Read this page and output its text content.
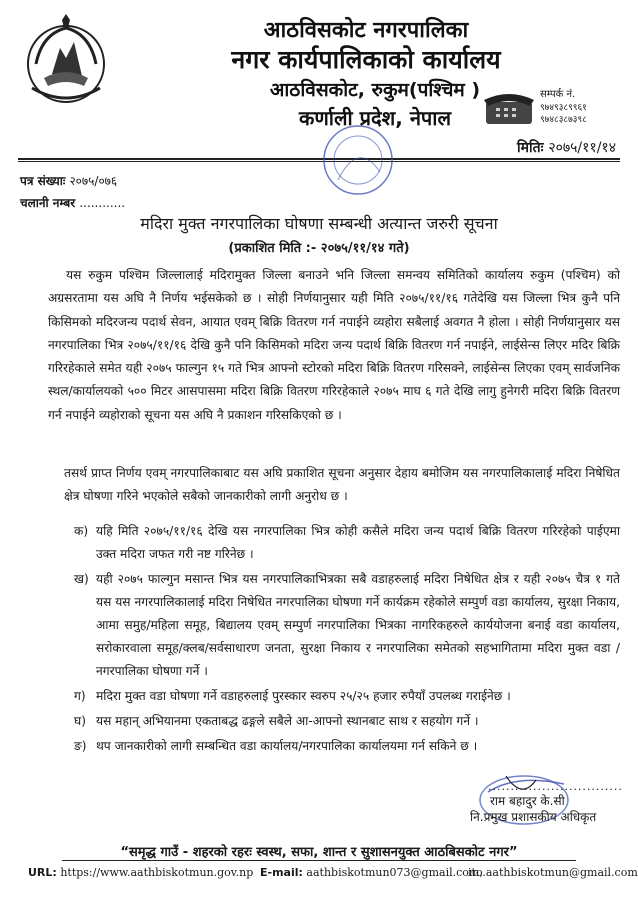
आठविसकोट नगरपालिका
नगर कार्यपालिकाको कार्यालय
आठविसकोट, रुकुम(पश्चिम )
कर्णाली प्रदेश, नेपाल
सम्पर्क नं.
९७४९३८९९६१
९७४८३८७३९८
मितिः २०७५/११/१४
पत्र संख्याः २०७५/०७६
चलानी नम्बर ............
मदिरा मुक्त नगरपालिका घोषणा सम्बन्धी अत्यान्त जरुरी सूचना
(प्रकाशित मिति :- २०७५/११/१४ गते)
यस रुकुम पश्चिम जिल्लालाई मदिरामुक्त जिल्ला बनाउने भनि जिल्ला समन्वय समितिको कार्यालय रुकुम (पश्चिम) को अग्रसरतामा यस अघि नै निर्णय भईसकेको छ । सोही निर्णयानुसार यही मिति २०७५/११/१६ गतेदेखि यस जिल्ला भित्र कुनै पनि किसिमको मदिरजन्य पदार्थ सेवन, आयात एवम् बिक्रि वितरण गर्न नपाईने व्यहोरा सबैलाई अवगत नै होला । सोही निर्णयानुसार यस नगरपालिका भित्र २०७५/११/१६ देखि कुनै पनि किसिमको मदिरा जन्य पदार्थ बिक्रि वितरण गर्न नपाईने, लाईसेन्स लिएर मदिर बिक्रि गरिरहेकाले समेत यही २०७५ फाल्गुन १५ गते भित्र आफ्नो स्टोरको मदिरा बिक्रि वितरण गरिसक्ने, लाईसेन्स लिएका एवम् सार्वजनिक स्थल/कार्यालयको ५०० मिटर आसपासमा मदिरा बिक्रि वितरण गरिरहेकाले २०७५ माघ ६ गते देखि लागु हुनेगरी मदिरा बिक्रि वितरण गर्न नपाईने व्यहोराको सूचना यस अघि नै प्रकाशन गरिसकिएको छ ।
तसर्थ प्राप्त निर्णय एवम् नगरपालिकाबाट यस अघि प्रकाशित सूचना अनुसार देहाय बमोजिम यस नगरपालिकालाई मदिरा निषेधित क्षेत्र घोषणा गरिने भएकोले सबैको जानकारीको लागी अनुरोध छ ।
क) यहि मिति २०७५/११/१६ देखि यस नगरपालिका भित्र कोही कसैले मदिरा जन्य पदार्थ बिक्रि वितरण गरिरहेको पाईएमा उक्त मदिरा जफत गरी नष्ट गरिनेछ ।
ख) यही २०७५ फाल्गुन मसान्त भित्र यस नगरपालिकाभित्रका सबै वडाहरुलाई मदिरा निषेधित क्षेत्र र यही २०७५ चैत्र १ गते यस यस नगरपालिकालाई मदिरा निषेधित नगरपालिका घोषणा गर्ने कार्यक्रम रहेकोले सम्पुर्ण वडा कार्यालय, सुरक्षा निकाय, आमा समुह/महिला समूह, बिद्यालय एवम् सम्पुर्ण नगरपालिका भित्रका नागरिकहरुले कार्ययोजना बनाई वडा कार्यालय, सरोकारवाला समूह/क्लब/सर्वसाधारण जनता, सुरक्षा निकाय र नगरपालिका समेतको सहभागितामा मदिरा मुक्त वडा /नगरपालिका घोषणा गर्ने ।
ग) मदिरा मुक्त वडा घोषणा गर्ने वडाहरुलाई पुरस्कार स्वरुप २५/२५ हजार रुपैयाँ उपलब्ध गराईनेछ ।
घ) यस महान् अभियानमा एकताबद्ध ढङ्गले सबैले आ-आफ्नो स्थानबाट साथ र सहयोग गर्ने ।
ङ) थप जानकारीको लागी सम्बन्धित वडा कार्यालय/नगरपालिका कार्यालयमा गर्न सकिने छ ।
..............................
राम बहादुर के.सी
नि.प्रमुख प्रशासकीय अधिकृत
“समृद्ध गाउँ - शहरको रहरः स्वस्थ, सफा, शान्त र सुशासनयुक्त आठबिसकोट नगर”
URL: https://www.aathbiskotmun.gov.np E-mail: aathbiskotmun073@gmail.com,
ito.aathbiskotmun@gmail.com
